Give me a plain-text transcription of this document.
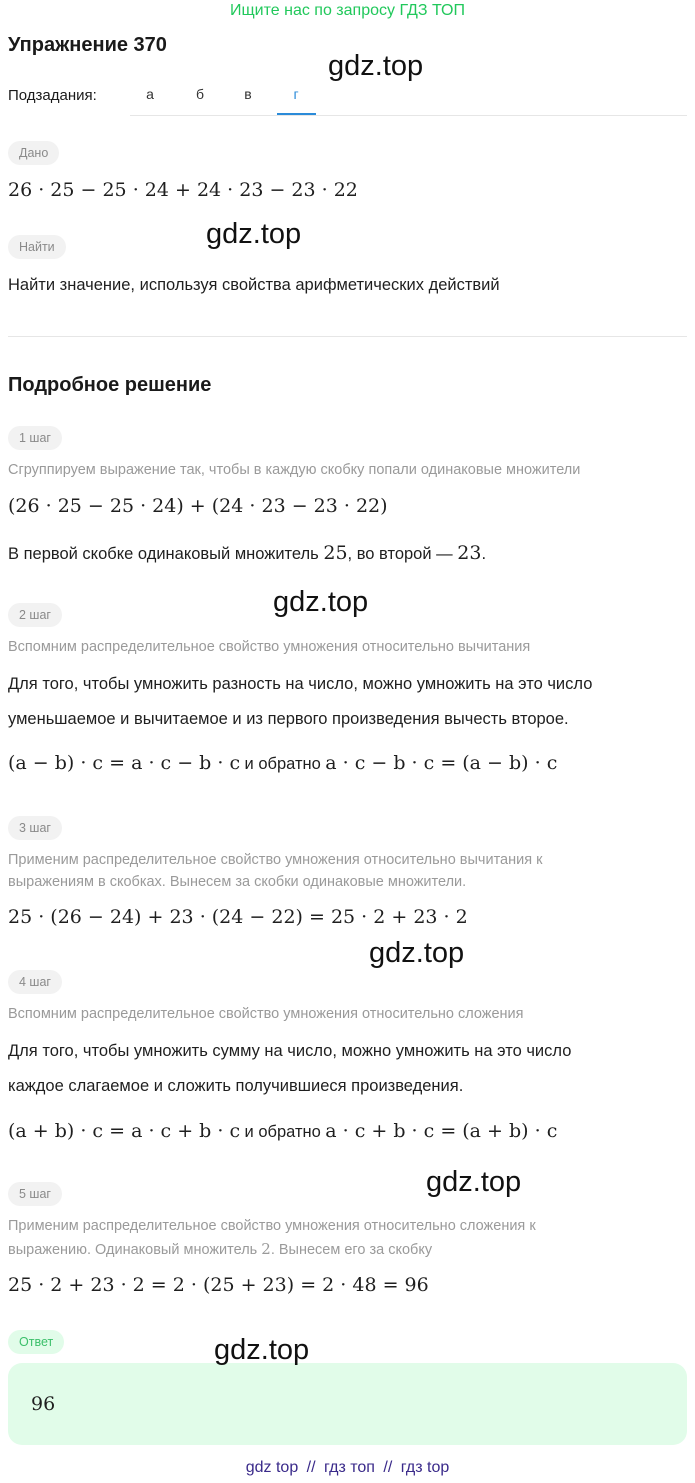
Ищите нас по запросу ГДЗ ТОП
Упражнение 370
Подзадания:	а	б	в	г
Дано
26 · 25 − 25 · 24 + 24 · 23 − 23 · 22
Найти
Найти значение, используя свойства арифметических действий
Подробное решение
1 шаг
Сгруппируем выражение так, чтобы в каждую скобку попали одинаковые множители
(26 · 25 − 25 · 24) + (24 · 23 − 23 · 22)
В первой скобке одинаковый множитель 25, во второй — 23.
2 шаг
Вспомним распределительное свойство умножения относительно вычитания
Для того, чтобы умножить разность на число, можно умножить на это число
уменьшаемое и вычитаемое и из первого произведения вычесть второе.
(a − b) · c = a · c − b · c и обратно a · c − b · c = (a − b) · c
3 шаг
Применим распределительное свойство умножения относительно вычитания к
выражениям в скобках. Вынесем за скобки одинаковые множители.
25 · (26 − 24) + 23 · (24 − 22) = 25 · 2 + 23 · 2
4 шаг
Вспомним распределительное свойство умножения относительно сложения
Для того, чтобы умножить сумму на число, можно умножить на это число
каждое слагаемое и сложить получившиеся произведения.
(a + b) · c = a · c + b · c и обратно a · c + b · c = (a + b) · c
5 шаг
Применим распределительное свойство умножения относительно сложения к
выражению. Одинаковый множитель 2. Вынесем его за скобку
25 · 2 + 23 · 2 = 2 · (25 + 23) = 2 · 48 = 96
Ответ
96
gdz top // гдз топ // гдз top
gdz.top
gdz.top
gdz.top
gdz.top
gdz.top
gdz.top
